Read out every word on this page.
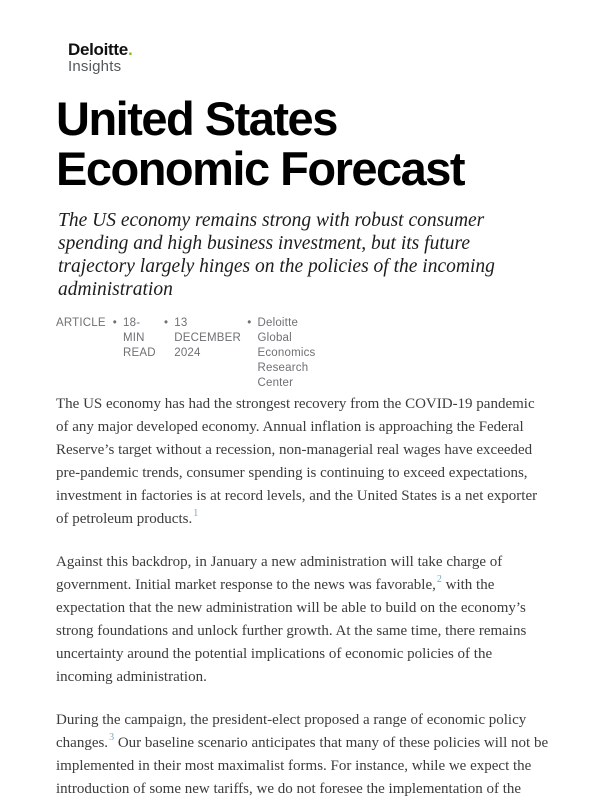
Deloitte.
Insights
United States Economic Forecast

The US economy remains strong with robust consumer spending and high business investment, but its future trajectory largely hinges on the policies of the incoming administration

ARTICLE • 18-MIN READ
• 13 DECEMBER 2024
• Deloitte Global Economics Research Center

The US economy has had the strongest recovery from the COVID-19 pandemic of any major developed economy. Annual inflation is approaching the Federal Reserve’s target without a recession, non-managerial real wages have exceeded pre-pandemic trends, consumer spending is continuing to exceed expectations, investment in factories is at record levels, and the United States is a net exporter of petroleum products.$^1$

Against this backdrop, in January a new administration will take charge of government. Initial market response to the news was favorable,$^2$ with the expectation that the new administration will be able to build on the economy’s strong foundations and unlock further growth. At the same time, there remains uncertainty around the potential implications of economic policies of the incoming administration.

During the campaign, the president-elect proposed a range of economic policy changes.$^3$ Our baseline scenario anticipates that many of these policies will not be implemented in their most maximalist forms. For instance, while we expect the introduction of some new tariffs, we do not foresee the implementation of the
